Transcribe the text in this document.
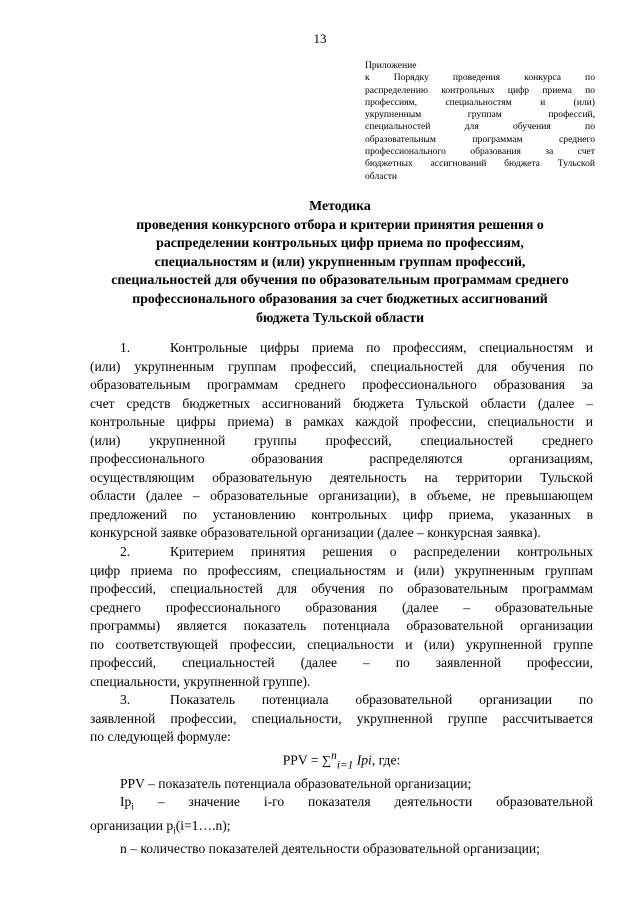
13
Приложение
к Порядку проведения конкурса по
распределению контрольных цифр приема по
профессиям, специальностям и (или)
укрупненным группам профессий,
специальностей для обучения по
образовательным программам среднего
профессионального образования за счет
бюджетных ассигнований бюджета Тульской
области
Методика
проведения конкурсного отбора и критерии принятия решения о
распределении контрольных цифр приема по профессиям,
специальностям и (или) укрупненным группам профессий,
специальностей для обучения по образовательным программам среднего
профессионального образования за счет бюджетных ассигнований
бюджета Тульской области
1.	Контрольные цифры приема по профессиям, специальностям и
(или) укрупненным группам профессий, специальностей для обучения по
образовательным программам среднего профессионального образования за
счет средств бюджетных ассигнований бюджета Тульской области (далее –
контрольные цифры приема) в рамках каждой профессии, специальности и
(или) укрупненной группы профессий, специальностей среднего
профессионального образования распределяются организациям,
осуществляющим образовательную деятельность на территории Тульской
области (далее – образовательные организации), в объеме, не превышающем
предложений по установлению контрольных цифр приема, указанных в
конкурсной заявке образовательной организации (далее – конкурсная заявка).
2.	Критерием принятия решения о распределении контрольных
цифр приема по профессиям, специальностям и (или) укрупненным группам
профессий, специальностей для обучения по образовательным программам
среднего профессионального образования (далее – образовательные
программы) является показатель потенциала образовательной организации
по соответствующей профессии, специальности и (или) укрупненной группе
профессий, специальностей (далее – по заявленной профессии,
специальности, укрупненной группе).
3.	Показатель потенциала образовательной организации по
заявленной профессии, специальности, укрупненной группе рассчитывается
по следующей формуле:
PPV = ∑$^n_{i=1}$ Ipi, где:
PPV – показатель потенциала образовательной организации;
$Ip_i$ – значение i-го показателя деятельности образовательной
организации $p_i(i=1\dots.n)$;
n – количество показателей деятельности образовательной организации;
